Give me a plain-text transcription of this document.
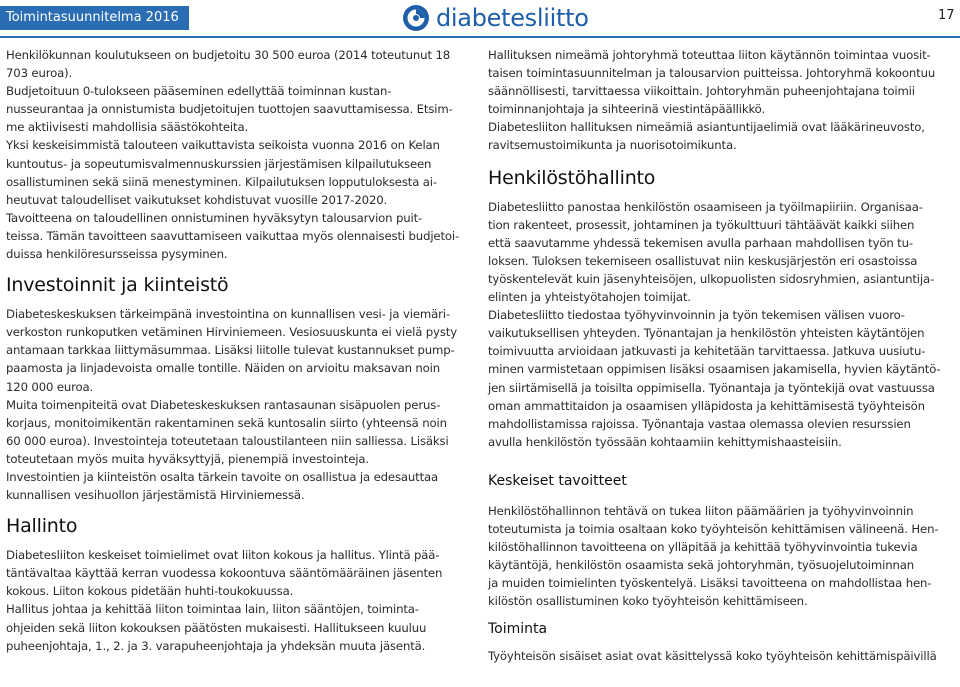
Toimintasuunnitelma 2016	diabetesliitto	17

Henkilökunnan koulutukseen on budjetoitu 30 500 euroa (2014 toteutunut 18
703 euroa).

Budjetoituun 0-tulokseen pääseminen edellyttää toiminnan kustan-
nusseurantaa ja onnistumista budjetoitujen tuottojen saavuttamisessa. Etsim-
me aktiivisesti mahdollisia säästökohteita.

Yksi keskeisimmistä talouteen vaikuttavista seikoista vuonna 2016 on Kelan
kuntoutus- ja sopeutumisvalmennuskurssien järjestämisen kilpailutukseen
osallistuminen sekä siinä menestyminen. Kilpailutuksen lopputuloksesta ai-
heutuvat taloudelliset vaikutukset kohdistuvat vuosille 2017-2020.

Tavoitteena on taloudellinen onnistuminen hyväksytyn talousarvion puit-
teissa. Tämän tavoitteen saavuttamiseen vaikuttaa myös olennaisesti budjetoi-
duissa henkilöresursseissa pysyminen.

Investoinnit ja kiinteistö

Diabeteskeskuksen tärkeimpänä investointina on kunnallisen vesi- ja viemäri-
verkoston runkoputken vetäminen Hirviniemeen. Vesiosuuskunta ei vielä pysty
antamaan tarkkaa liittymäsummaa. Lisäksi liitolle tulevat kustannukset pump-
paamosta ja linjadevoista omalle tontille. Näiden on arvioitu maksavan noin
120 000 euroa.

Muita toimenpiteitä ovat Diabeteskeskuksen rantasaunan sisäpuolen perus-
korjaus, monitoimikentän rakentaminen sekä kuntosalin siirto (yhteensä noin
60 000 euroa). Investointeja toteutetaan taloustilanteen niin salliessa. Lisäksi
toteutetaan myös muita hyväksyttyjä, pienempiä investointeja.

Investointien ja kiinteistön osalta tärkein tavoite on osallistua ja edesauttaa
kunnallisen vesihuollon järjestämistä Hirviniemessä.

Hallinto

Diabetesliiton keskeiset toimielimet ovat liiton kokous ja hallitus. Ylintä pää-
täntävaltaa käyttää kerran vuodessa kokoontuva sääntömääräinen jäsenten
kokous. Liiton kokous pidetään huhti-toukokuussa.

Hallitus johtaa ja kehittää liiton toimintaa lain, liiton sääntöjen, toiminta-
ohjeiden sekä liiton kokouksen päätösten mukaisesti. Hallitukseen kuuluu
puheenjohtaja, 1., 2. ja 3. varapuheenjohtaja ja yhdeksän muuta jäsentä.

Hallituksen nimeämä johtoryhmä toteuttaa liiton käytännön toimintaa vuosit-
taisen toimintasuunnitelman ja talousarvion puitteissa. Johtoryhmä kokoontuu
säännöllisesti, tarvittaessa viikoittain. Johtoryhmän puheenjohtajana toimii
toiminnanjohtaja ja sihteerinä viestintäpäällikkö.

Diabetesliiton hallituksen nimeämiä asiantuntijaelimiä ovat lääkärineuvosto,
ravitsemustoimikunta ja nuorisotoimikunta.

Henkilöstöhallinto

Diabetesliitto panostaa henkilöstön osaamiseen ja työilmapiiriin. Organisaa-
tion rakenteet, prosessit, johtaminen ja työkulttuuri tähtäävät kaikki siihen
että saavutamme yhdessä tekemisen avulla parhaan mahdollisen työn tu-
loksen. Tuloksen tekemiseen osallistuvat niin keskusjärjestön eri osastoissa
työskentelevät kuin jäsenyhteisöjen, ulkopuolisten sidosryhmien, asiantuntija-
elinten ja yhteistyötahojen toimijat.

Diabetesliitto tiedostaa työhyvinvoinnin ja työn tekemisen välisen vuoro-
vaikutuksellisen yhteyden. Työnantajan ja henkilöstön yhteisten käytäntöjen
toimivuutta arvioidaan jatkuvasti ja kehitetään tarvittaessa. Jatkuva uusiutu-
minen varmistetaan oppimisen lisäksi osaamisen jakamisella, hyvien käytäntö-
jen siirtämisellä ja toisilta oppimisella. Työnantaja ja työntekijä ovat vastuussa
oman ammattitaidon ja osaamisen ylläpidosta ja kehittämisestä työyhteisön
mahdollistamissa rajoissa. Työnantaja vastaa olemassa olevien resurssien
avulla henkilöstön työssään kohtaamiin kehittymishaasteisiin.

Keskeiset tavoitteet

Henkilöstöhallinnon tehtävä on tukea liiton päämäärien ja työhyvinvoinnin
toteutumista ja toimia osaltaan koko työyhteisön kehittämisen välineenä. Hen-
kilöstöhallinnon tavoitteena on ylläpitää ja kehittää työhyvinvointia tukevia
käytäntöjä, henkilöstön osaamista sekä johtoryhmän, työsuojelutoiminnan
ja muiden toimielinten työskentelyä. Lisäksi tavoitteena on mahdollistaa hen-
kilöstön osallistuminen koko työyhteisön kehittämiseen.

Toiminta

Työyhteisön sisäiset asiat ovat käsittelyssä koko työyhteisön kehittämispäivillä
